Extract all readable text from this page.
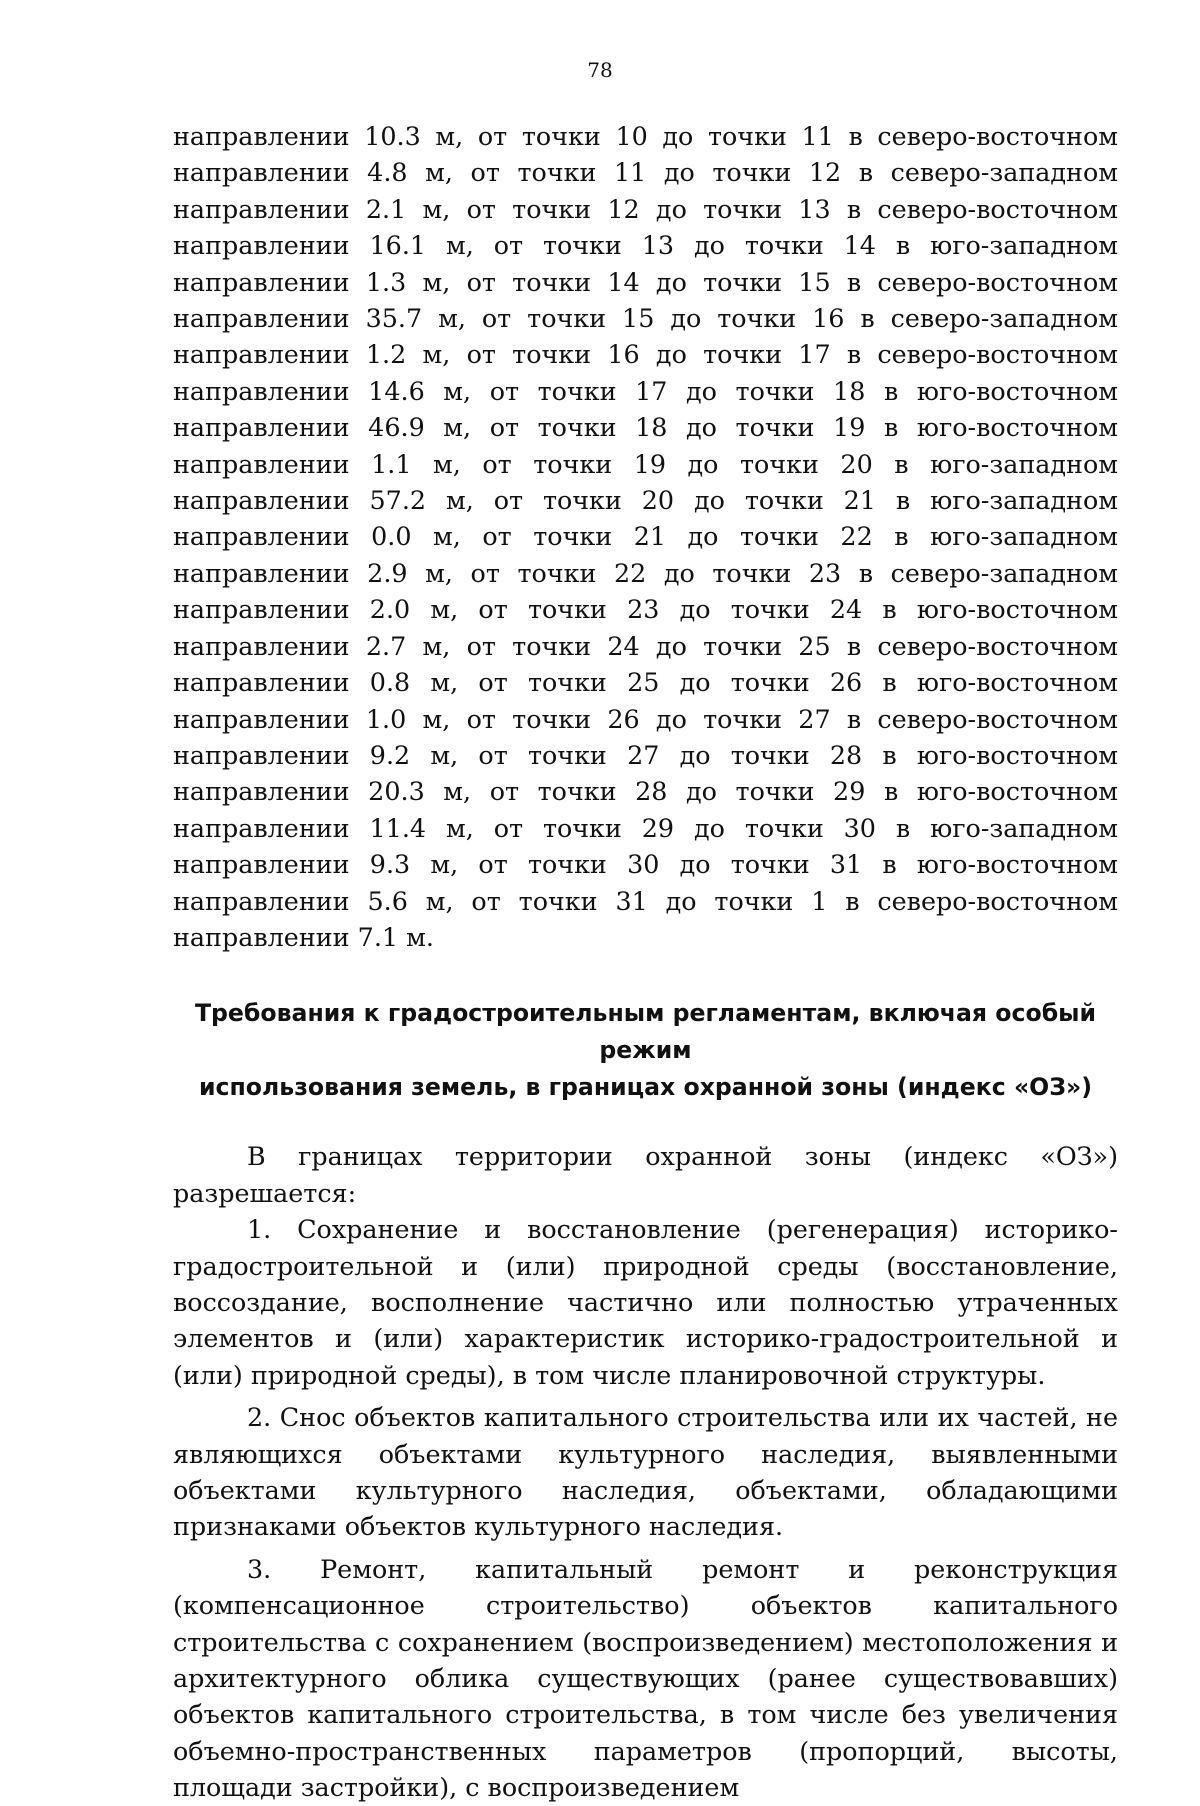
78

направлении 10.3 м, от точки 10 до точки 11 в северо-восточном направлении 4.8 м, от точки 11 до точки 12 в северо-западном направлении 2.1 м, от точки 12 до точки 13 в северо-восточном направлении 16.1 м, от точки 13 до точки 14 в юго-западном направлении 1.3 м, от точки 14 до точки 15 в северо-восточном направлении 35.7 м, от точки 15 до точки 16 в северо-западном направлении 1.2 м, от точки 16 до точки 17 в северо-восточном направлении 14.6 м, от точки 17 до точки 18 в юго-восточном направлении 46.9 м, от точки 18 до точки 19 в юго-восточном направлении 1.1 м, от точки 19 до точки 20 в юго-западном направлении 57.2 м, от точки 20 до точки 21 в юго-западном направлении 0.0 м, от точки 21 до точки 22 в юго-западном направлении 2.9 м, от точки 22 до точки 23 в северо-западном направлении 2.0 м, от точки 23 до точки 24 в юго-восточном направлении 2.7 м, от точки 24 до точки 25 в северо-восточном направлении 0.8 м, от точки 25 до точки 26 в юго-восточном направлении 1.0 м, от точки 26 до точки 27 в северо-восточном направлении 9.2 м, от точки 27 до точки 28 в юго-восточном направлении 20.3 м, от точки 28 до точки 29 в юго-восточном направлении 11.4 м, от точки 29 до точки 30 в юго-западном направлении 9.3 м, от точки 30 до точки 31 в юго-восточном направлении 5.6 м, от точки 31 до точки 1 в северо-восточном направлении 7.1 м.

Требования к градостроительным регламентам, включая особый режим
использования земель, в границах охранной зоны (индекс «ОЗ»)

В границах территории охранной зоны (индекс «ОЗ») разрешается:

1. Сохранение и восстановление (регенерация) историко-градостроительной и (или) природной среды (восстановление, воссоздание, восполнение частично или полностью утраченных элементов и (или) характеристик историко-градостроительной и (или) природной среды), в том числе планировочной структуры.

2. Снос объектов капитального строительства или их частей, не являющихся объектами культурного наследия, выявленными объектами культурного наследия, объектами, обладающими признаками объектов культурного наследия.

3. Ремонт, капитальный ремонт и реконструкция (компенсационное строительство) объектов капитального строительства с сохранением (воспроизведением) местоположения и архитектурного облика существующих (ранее существовавших) объектов капитального строительства, в том числе без увеличения объемно-пространственных параметров (пропорций, высоты, площади застройки), с воспроизведением
